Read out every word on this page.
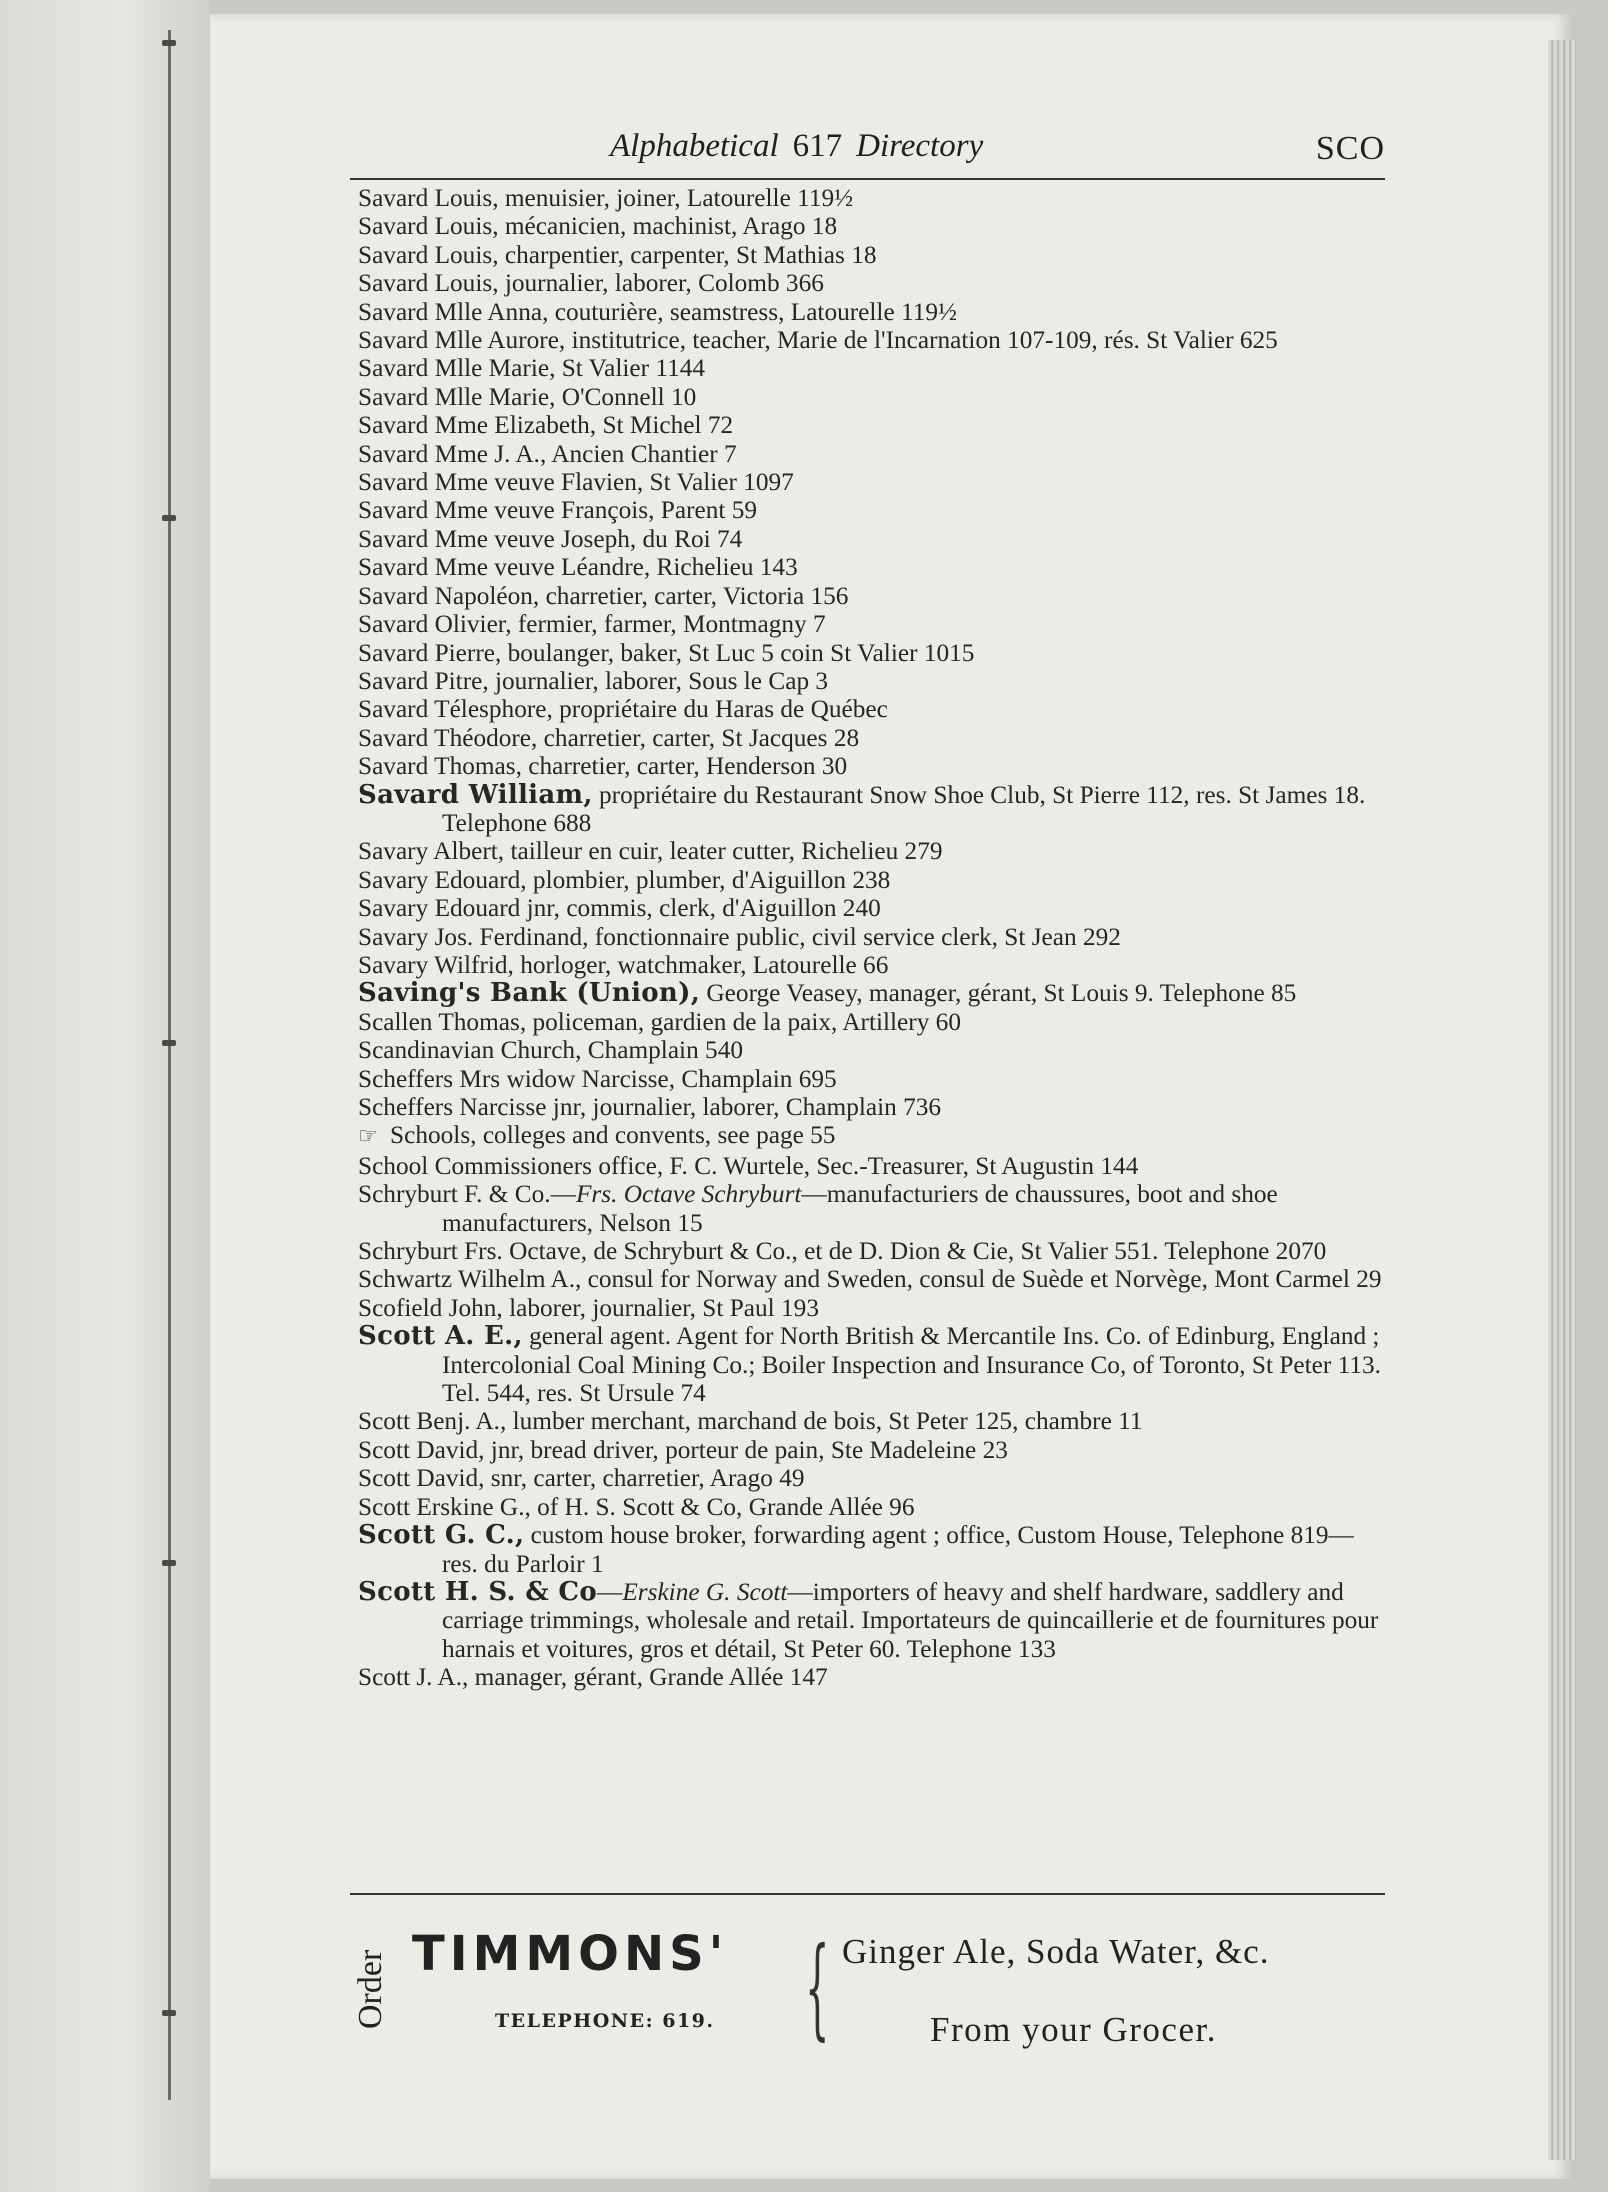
Alphabetical 617 Directory	SCO
Savard Louis, menuisier, joiner, Latourelle 119½
Savard Louis, mécanicien, machinist, Arago 18
Savard Louis, charpentier, carpenter, St Mathias 18
Savard Louis, journalier, laborer, Colomb 366
Savard Mlle Anna, couturière, seamstress, Latourelle 119½
Savard Mlle Aurore, institutrice, teacher, Marie de l'Incarnation 107-109, rés. St Valier 625
Savard Mlle Marie, St Valier 1144
Savard Mlle Marie, O'Connell 10
Savard Mme Elizabeth, St Michel 72
Savard Mme J. A., Ancien Chantier 7
Savard Mme veuve Flavien, St Valier 1097
Savard Mme veuve François, Parent 59
Savard Mme veuve Joseph, du Roi 74
Savard Mme veuve Léandre, Richelieu 143
Savard Napoléon, charretier, carter, Victoria 156
Savard Olivier, fermier, farmer, Montmagny 7
Savard Pierre, boulanger, baker, St Luc 5 coin St Valier 1015
Savard Pitre, journalier, laborer, Sous le Cap 3
Savard Télesphore, propriétaire du Haras de Québec
Savard Théodore, charretier, carter, St Jacques 28
Savard Thomas, charretier, carter, Henderson 30
Savard William, propriétaire du Restaurant Snow Shoe Club, St Pierre 112, res. St James 18. Telephone 688
Savary Albert, tailleur en cuir, leater cutter, Richelieu 279
Savary Edouard, plombier, plumber, d'Aiguillon 238
Savary Edouard jnr, commis, clerk, d'Aiguillon 240
Savary Jos. Ferdinand, fonctionnaire public, civil service clerk, St Jean 292
Savary Wilfrid, horloger, watchmaker, Latourelle 66
Saving's Bank (Union), George Veasey, manager, gérant, St Louis 9. Telephone 85
Scallen Thomas, policeman, gardien de la paix, Artillery 60
Scandinavian Church, Champlain 540
Scheffers Mrs widow Narcisse, Champlain 695
Scheffers Narcisse jnr, journalier, laborer, Champlain 736
☞ Schools, colleges and convents, see page 55
School Commissioners office, F. C. Wurtele, Sec.-Treasurer, St Augustin 144
Schryburt F. & Co.—Frs. Octave Schryburt—manufacturiers de chaussures, boot and shoe manufacturers, Nelson 15
Schryburt Frs. Octave, de Schryburt & Co., et de D. Dion & Cie, St Valier 551. Telephone 2070
Schwartz Wilhelm A., consul for Norway and Sweden, consul de Suède et Norvège, Mont Carmel 29
Scofield John, laborer, journalier, St Paul 193
Scott A. E., general agent. Agent for North British & Mercantile Ins. Co. of Edinburg, England ; Intercolonial Coal Mining Co.; Boiler Inspection and Insurance Co, of Toronto, St Peter 113. Tel. 544, res. St Ursule 74
Scott Benj. A., lumber merchant, marchand de bois, St Peter 125, chambre 11
Scott David, jnr, bread driver, porteur de pain, Ste Madeleine 23
Scott David, snr, carter, charretier, Arago 49
Scott Erskine G., of H. S. Scott & Co, Grande Allée 96
Scott G. C., custom house broker, forwarding agent ; office, Custom House, Telephone 819—res. du Parloir 1
Scott H. S. & Co—Erskine G. Scott—importers of heavy and shelf hardware, saddlery and carriage trimmings, wholesale and retail. Importateurs de quincaillerie et de fournitures pour harnais et voitures, gros et détail, St Peter 60. Telephone 133
Scott J. A., manager, gérant, Grande Allée 147
Order TIMMONS'
TELEPHONE: 619. { Ginger Ale, Soda Water, &c.
From your Grocer.
